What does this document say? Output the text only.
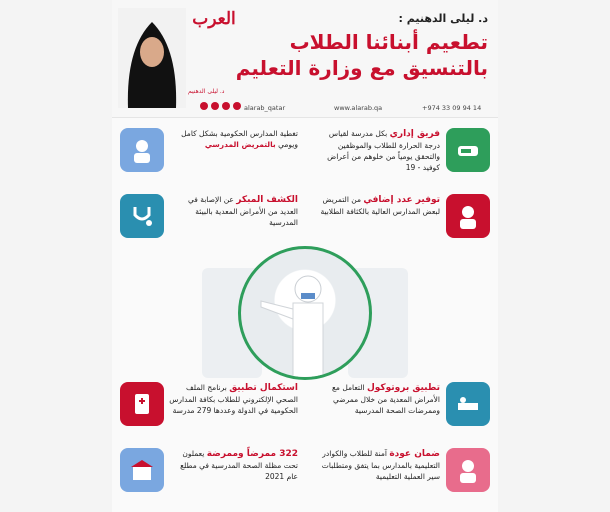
العرب	د. ليلى الدهنيم :
تطعيم أبنائنا الطلاب
بالتنسيق مع وزارة التعليم
د. ليلى الدهنيم
alarab_qatar	www.alarab.qa	+974 33 09 94 14
فريق إداري بكل مدرسة لقياس درجة الحرارة للطلاب والموظفين والتحقق يومياً من خلوهم من أعراض كوفيد - 19
تغطية المدارس الحكومية بشكل كامل ويومي بالتمريض المدرسي
توفير عدد إضافي من التمريض لبعض المدارس العالية بالكثافة الطلابية
الكشف المبكر عن الإصابة في العديد من الأمراض المعدية بالبيئة المدرسية
تطبيق بروتوكول التعامل مع الأمراض المعدية من خلال ممرضي وممرضات الصحة المدرسية
استكمال تطبيق برنامج الملف الصحي الإلكتروني للطلاب بكافة المدارس الحكومية في الدولة وعددها 279 مدرسة
ضمان عودة آمنة للطلاب والكوادر التعليمية بالمدارس بما يتفق ومتطلبات سير العملية التعليمية
322 ممرضاً وممرضة يعملون تحت مظلة الصحة المدرسية في مطلع عام 2021
